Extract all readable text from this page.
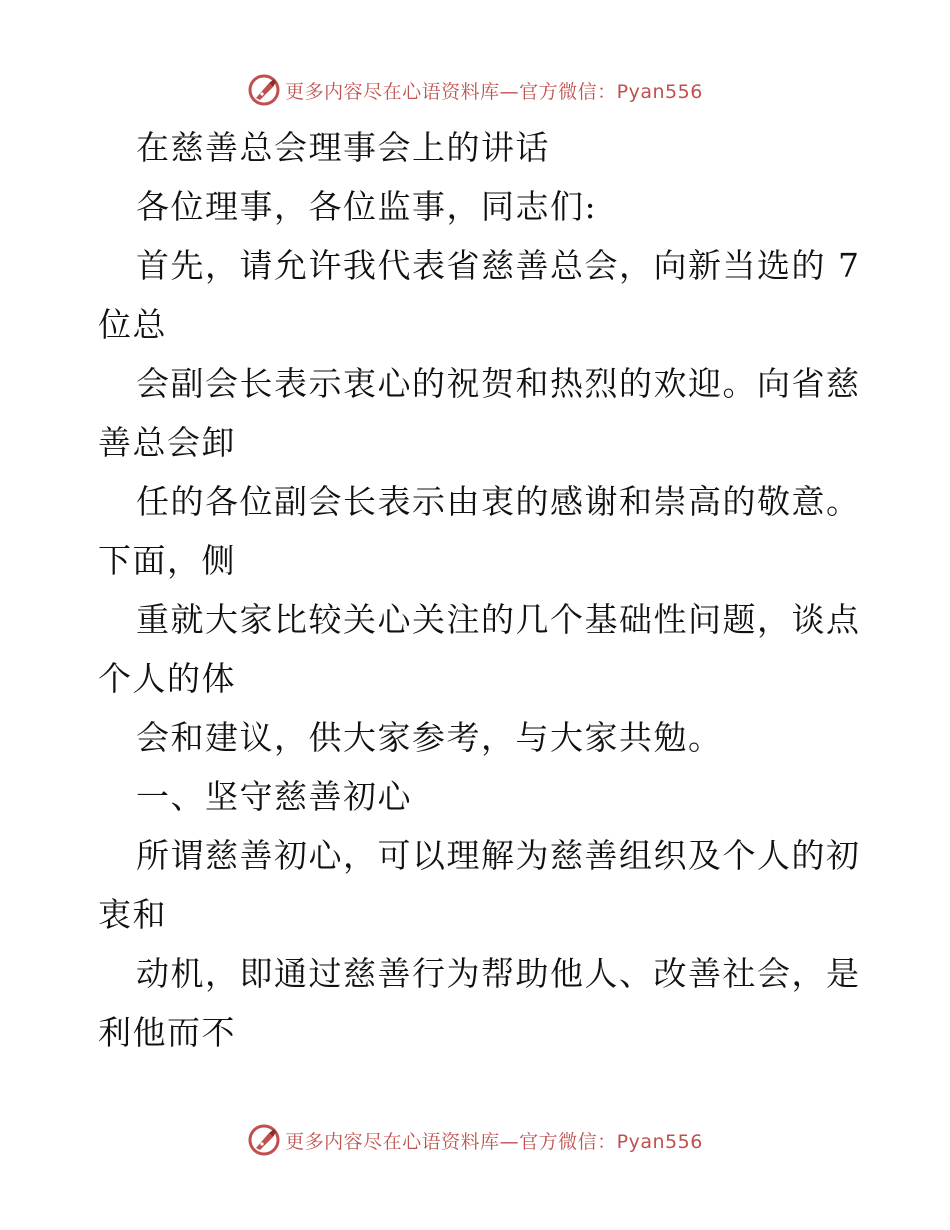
更多内容尽在心语资料库—官方微信：Pyan556
在慈善总会理事会上的讲话
各位理事，各位监事，同志们:
首先，请允许我代表省慈善总会，向新当选的 7
位总
会副会长表示衷心的祝贺和热烈的欢迎。向省慈
善总会卸
任的各位副会长表示由衷的感谢和崇高的敬意。
下面，侧
重就大家比较关心关注的几个基础性问题，谈点
个人的体
会和建议，供大家参考，与大家共勉。
一、坚守慈善初心
所谓慈善初心，可以理解为慈善组织及个人的初
衷和
动机，即通过慈善行为帮助他人、改善社会，是
利他而不
更多内容尽在心语资料库—官方微信：Pyan556
